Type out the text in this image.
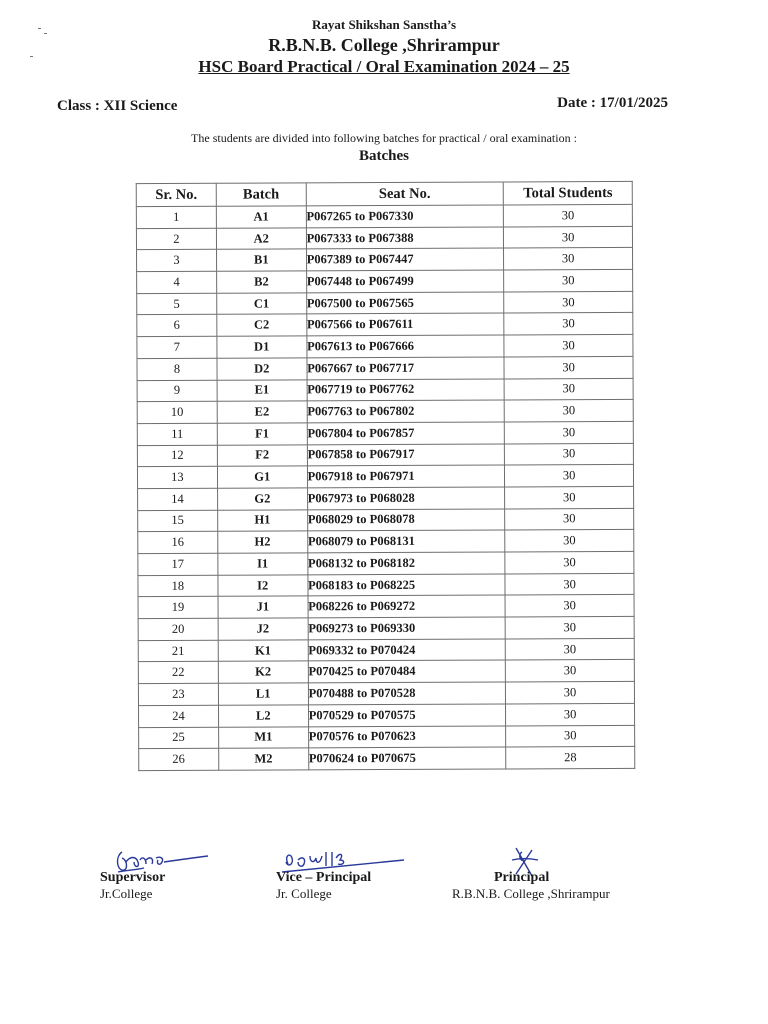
Rayat Shikshan Sanstha’s
R.B.N.B. College ,Shrirampur
HSC Board Practical / Oral Examination 2024 – 25
Class : XII Science	Date : 17/01/2025
The students are divided into following batches for practical / oral examination :
Batches
Sr. No.	Batch	Seat No.	Total Students
1	A1	P067265 to P067330	30
2	A2	P067333 to P067388	30
3	B1	P067389 to P067447	30
4	B2	P067448 to P067499	30
5	C1	P067500 to P067565	30
6	C2	P067566 to P067611	30
7	D1	P067613 to P067666	30
8	D2	P067667 to P067717	30
9	E1	P067719 to P067762	30
10	E2	P067763 to P067802	30
11	F1	P067804 to P067857	30
12	F2	P067858 to P067917	30
13	G1	P067918 to P067971	30
14	G2	P067973 to P068028	30
15	H1	P068029 to P068078	30
16	H2	P068079 to P068131	30
17	I1	P068132 to P068182	30
18	I2	P068183 to P068225	30
19	J1	P068226 to P069272	30
20	J2	P069273 to P069330	30
21	K1	P069332 to P070424	30
22	K2	P070425 to P070484	30
23	L1	P070488 to P070528	30
24	L2	P070529 to P070575	30
25	M1	P070576 to P070623	30
26	M2	P070624 to P070675	28
Supervisor
Jr.College
Vice – Principal
Jr. College
Principal
R.B.N.B. College ,Shrirampur
